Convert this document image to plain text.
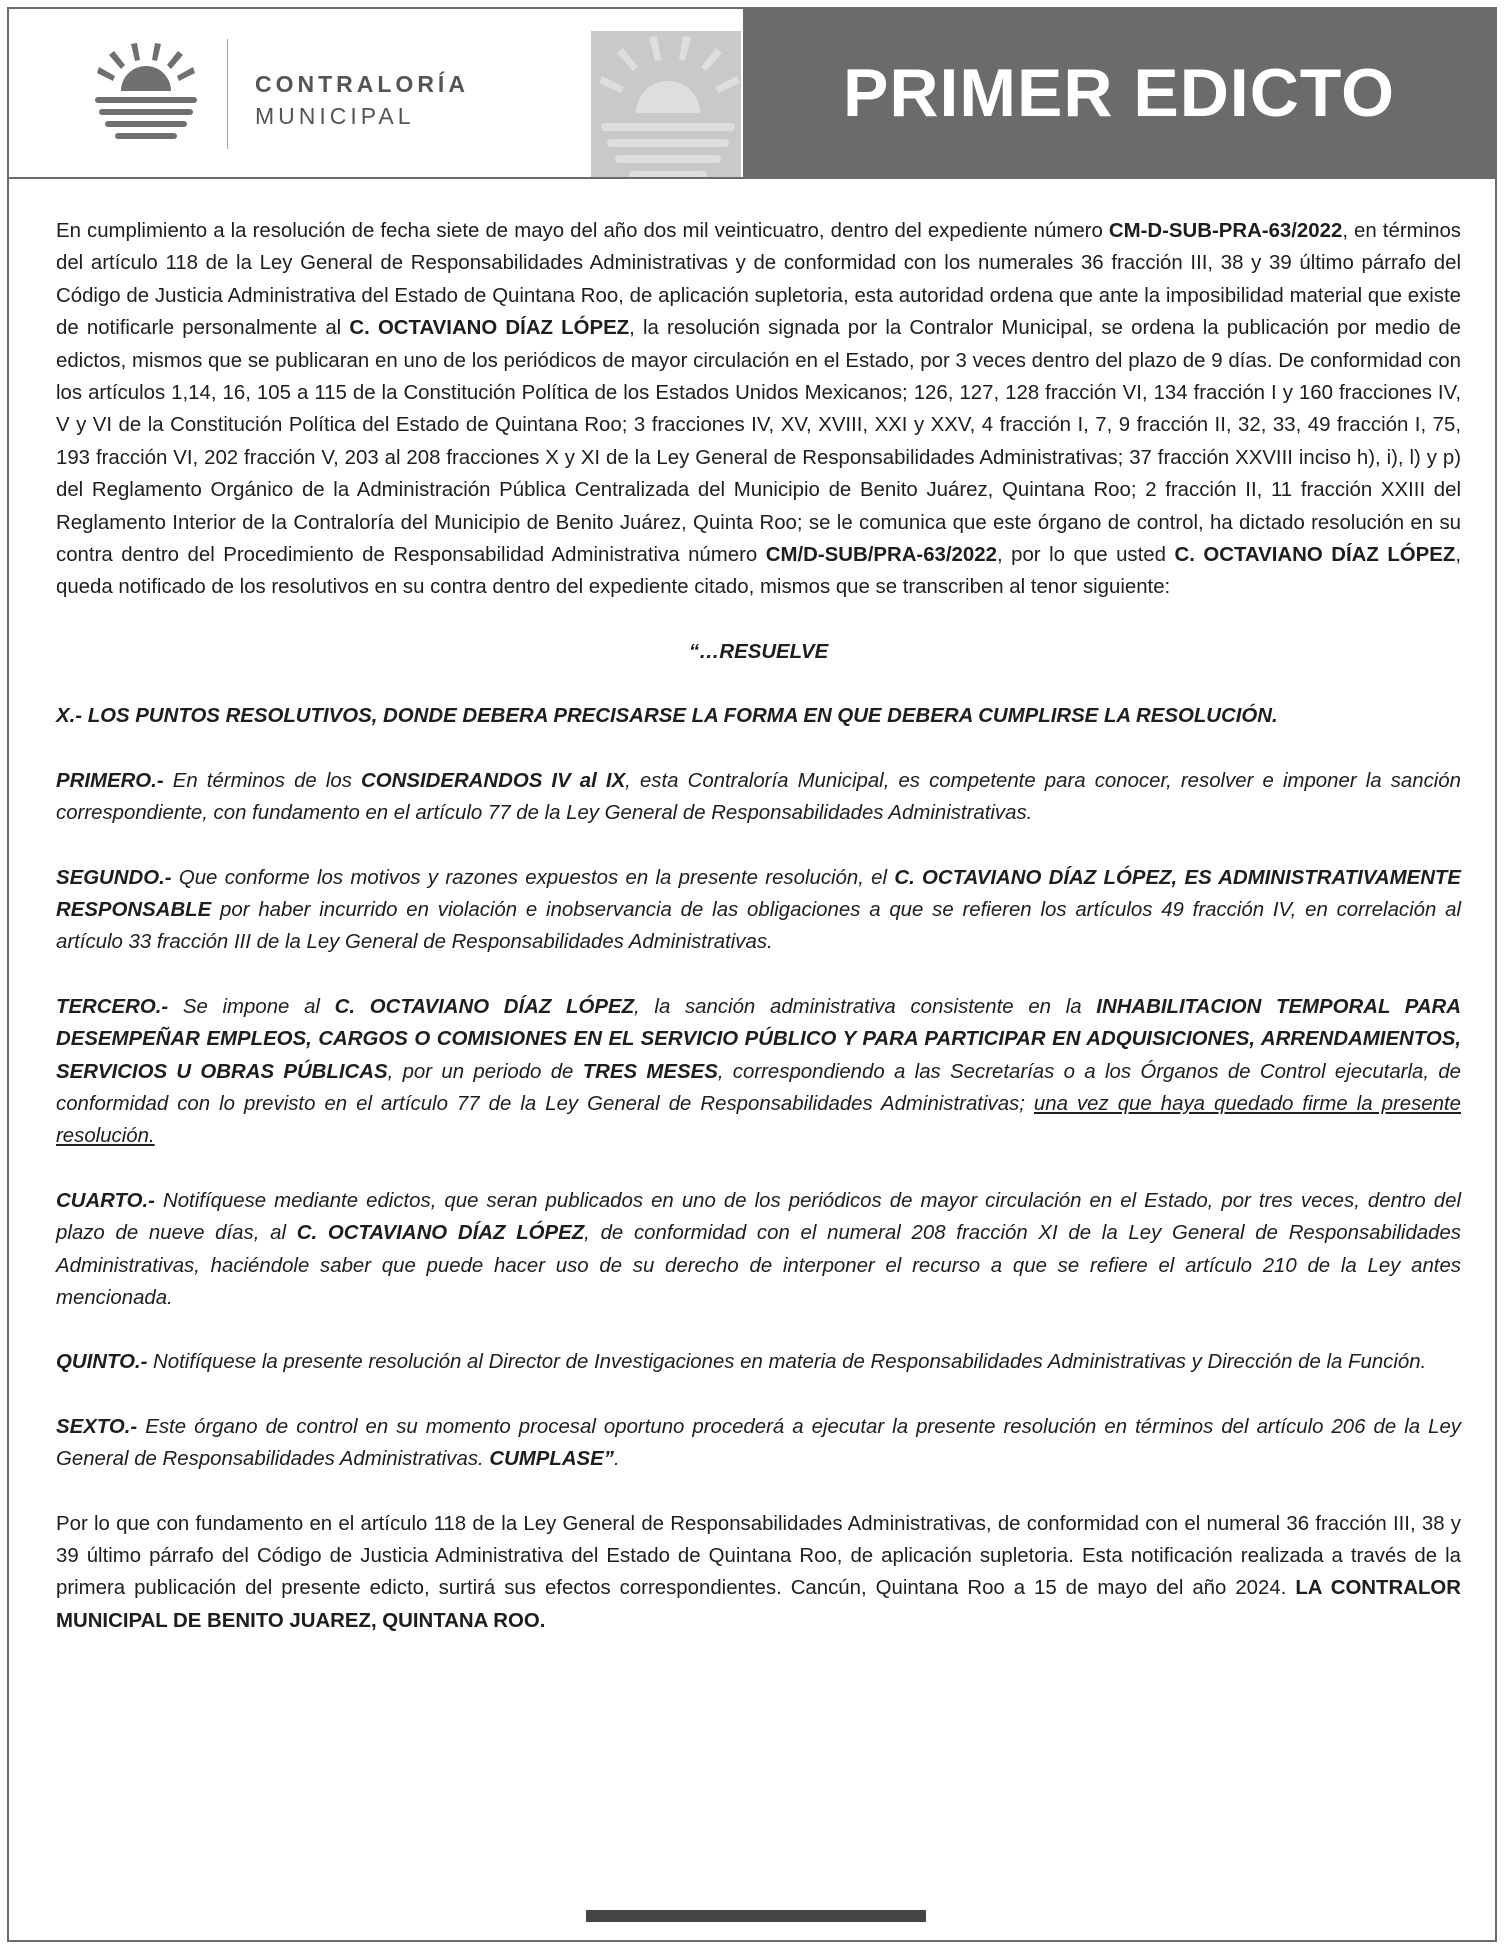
CONTRALORÍA
MUNICIPAL	PRIMER EDICTO

En cumplimiento a la resolución de fecha siete de mayo del año dos mil veinticuatro, dentro del expediente número CM-D-SUB-PRA-63/2022, en términos del artículo 118 de la Ley General de Responsabilidades Administrativas y de conformidad con los numerales 36 fracción III, 38 y 39 último párrafo del Código de Justicia Administrativa del Estado de Quintana Roo, de aplicación supletoria, esta autoridad ordena que ante la imposibilidad material que existe de notificarle personalmente al C. OCTAVIANO DÍAZ LÓPEZ, la resolución signada por la Contralor Municipal, se ordena la publicación por medio de edictos, mismos que se publicaran en uno de los periódicos de mayor circulación en el Estado, por 3 veces dentro del plazo de 9 días. De conformidad con los artículos 1,14, 16, 105 a 115 de la Constitución Política de los Estados Unidos Mexicanos; 126, 127, 128 fracción VI, 134 fracción I y 160 fracciones IV, V y VI de la Constitución Política del Estado de Quintana Roo; 3 fracciones IV, XV, XVIII, XXI y XXV, 4 fracción I, 7, 9 fracción II, 32, 33, 49 fracción I, 75, 193 fracción VI, 202 fracción V, 203 al 208 fracciones X y XI de la Ley General de Responsabilidades Administrativas; 37 fracción XXVIII inciso h), i), l) y p) del Reglamento Orgánico de la Administración Pública Centralizada del Municipio de Benito Juárez, Quintana Roo; 2 fracción II, 11 fracción XXIII del Reglamento Interior de la Contraloría del Municipio de Benito Juárez, Quinta Roo; se le comunica que este órgano de control, ha dictado resolución en su contra dentro del Procedimiento de Responsabilidad Administrativa número CM/D-SUB/PRA-63/2022, por lo que usted C. OCTAVIANO DÍAZ LÓPEZ, queda notificado de los resolutivos en su contra dentro del expediente citado, mismos que se transcriben al tenor siguiente:

“…RESUELVE

X.- LOS PUNTOS RESOLUTIVOS, DONDE DEBERA PRECISARSE LA FORMA EN QUE DEBERA CUMPLIRSE LA RESOLUCIÓN.

PRIMERO.- En términos de los CONSIDERANDOS IV al IX, esta Contraloría Municipal, es competente para conocer, resolver e imponer la sanción correspondiente, con fundamento en el artículo 77 de la Ley General de Responsabilidades Administrativas.

SEGUNDO.- Que conforme los motivos y razones expuestos en la presente resolución, el C. OCTAVIANO DÍAZ LÓPEZ, ES ADMINISTRATIVAMENTE RESPONSABLE por haber incurrido en violación e inobservancia de las obligaciones a que se refieren los artículos 49 fracción IV, en correlación al artículo 33 fracción III de la Ley General de Responsabilidades Administrativas.

TERCERO.- Se impone al C. OCTAVIANO DÍAZ LÓPEZ, la sanción administrativa consistente en la INHABILITACION TEMPORAL PARA DESEMPEÑAR EMPLEOS, CARGOS O COMISIONES EN EL SERVICIO PÚBLICO Y PARA PARTICIPAR EN ADQUISICIONES, ARRENDAMIENTOS, SERVICIOS U OBRAS PÚBLICAS, por un periodo de TRES MESES, correspondiendo a las Secretarías o a los Órganos de Control ejecutarla, de conformidad con lo previsto en el artículo 77 de la Ley General de Responsabilidades Administrativas; una vez que haya quedado firme la presente resolución.

CUARTO.- Notifíquese mediante edictos, que seran publicados en uno de los periódicos de mayor circulación en el Estado, por tres veces, dentro del plazo de nueve días, al C. OCTAVIANO DÍAZ LÓPEZ, de conformidad con el numeral 208 fracción XI de la Ley General de Responsabilidades Administrativas, haciéndole saber que puede hacer uso de su derecho de interponer el recurso a que se refiere el artículo 210 de la Ley antes mencionada.

QUINTO.- Notifíquese la presente resolución al Director de Investigaciones en materia de Responsabilidades Administrativas y Dirección de la Función.

SEXTO.- Este órgano de control en su momento procesal oportuno procederá a ejecutar la presente resolución en términos del artículo 206 de la Ley General de Responsabilidades Administrativas. CUMPLASE”.

Por lo que con fundamento en el artículo 118 de la Ley General de Responsabilidades Administrativas, de conformidad con el numeral 36 fracción III, 38 y 39 último párrafo del Código de Justicia Administrativa del Estado de Quintana Roo, de aplicación supletoria. Esta notificación realizada a través de la primera publicación del presente edicto, surtirá sus efectos correspondientes. Cancún, Quintana Roo a 15 de mayo del año 2024. LA CONTRALOR MUNICIPAL DE BENITO JUAREZ, QUINTANA ROO.
